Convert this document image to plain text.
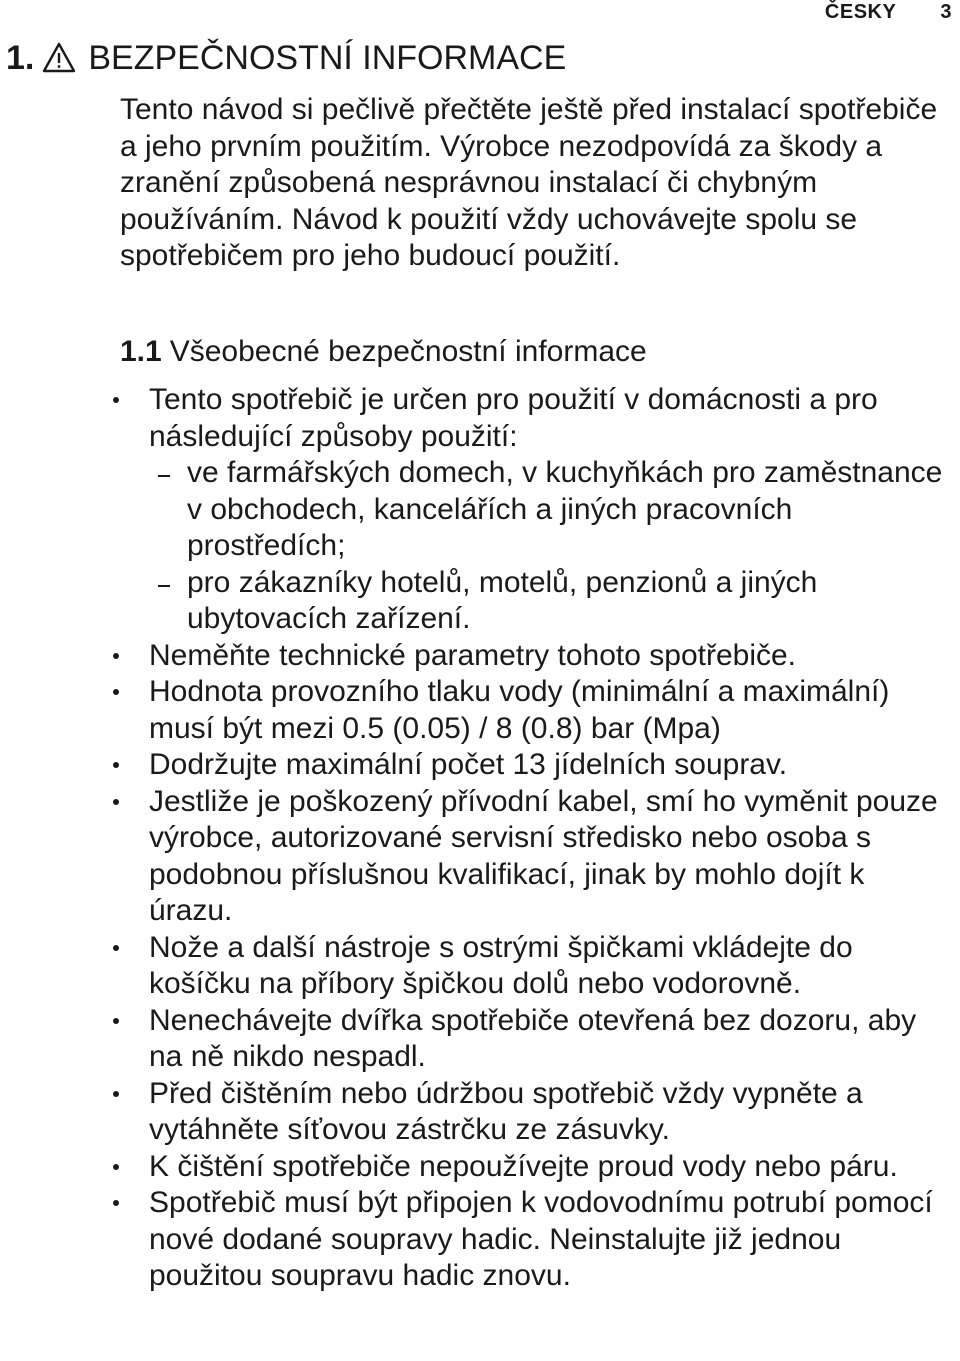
ČESKY 3
1. BEZPEČNOSTNÍ INFORMACE

Tento návod si pečlivě přečtěte ještě před instalací spotřebiče a jeho prvním použitím. Výrobce nezodpovídá za škody a zranění způsobená nesprávnou instalací či chybným používáním. Návod k použití vždy uchovávejte spolu se spotřebičem pro jeho budoucí použití.

1.1 Všeobecné bezpečnostní informace
Tento spotřebič je určen pro použití v domácnosti a pro následující způsoby použití:
ve farmářských domech, v kuchyňkách pro zaměstnance v obchodech, kancelářích a jiných pracovních prostředích;
pro zákazníky hotelů, motelů, penzionů a jiných ubytovacích zařízení.
Neměňte technické parametry tohoto spotřebiče.
Hodnota provozního tlaku vody (minimální a maximální) musí být mezi 0.5 (0.05) / 8 (0.8) bar (Mpa)
Dodržujte maximální počet 13 jídelních souprav.
Jestliže je poškozený přívodní kabel, smí ho vyměnit pouze výrobce, autorizované servisní středisko nebo osoba s podobnou příslušnou kvalifikací, jinak by mohlo dojít k úrazu.
Nože a další nástroje s ostrými špičkami vkládejte do košíčku na příbory špičkou dolů nebo vodorovně.
Nenechávejte dvířka spotřebiče otevřená bez dozoru, aby na ně nikdo nespadl.
Před čištěním nebo údržbou spotřebič vždy vypněte a vytáhněte síťovou zástrčku ze zásuvky.
K čištění spotřebiče nepoužívejte proud vody nebo páru.
Spotřebič musí být připojen k vodovodnímu potrubí pomocí nové dodané soupravy hadic. Neinstalujte již jednou použitou soupravu hadic znovu.
